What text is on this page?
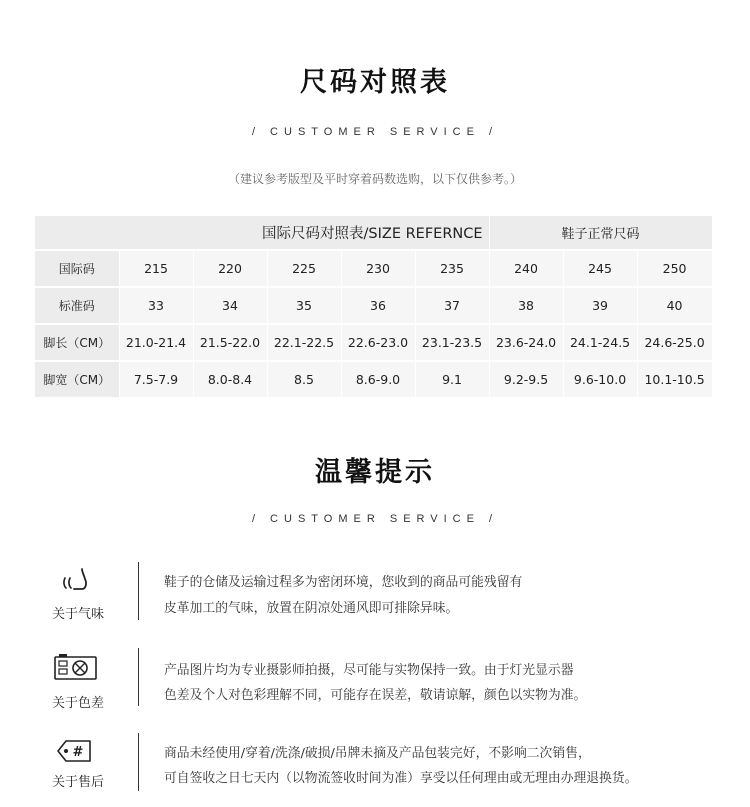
尺码对照表
/ CUSTOMER SERVICE /
（建议参考版型及平时穿着码数选购，以下仅供参考。）
国际尺码对照表/SIZE REFERNCE						鞋子正常尺码		
国际码	215	220	225	230	235	240	245	250
标准码	33	34	35	36	37	38	39	40
脚长（CM）	21.0-21.4	21.5-22.0	22.1-22.5	22.6-23.0	23.1-23.5	23.6-24.0	24.1-24.5	24.6-25.0
脚宽（CM）	7.5-7.9	8.0-8.4	8.5	8.6-9.0	9.1	9.2-9.5	9.6-10.0	10.1-10.5
温馨提示
/ CUSTOMER SERVICE /
关于气味
鞋子的仓储及运输过程多为密闭环境，您收到的商品可能残留有
皮革加工的气味，放置在阴凉处通风即可排除异味。
关于色差
产品图片均为专业摄影师拍摄，尽可能与实物保持一致。由于灯光显示器
色差及个人对色彩理解不同，可能存在误差，敬请谅解，颜色以实物为准。
#
关于售后
商品未经使用/穿着/洗涤/破损/吊牌未摘及产品包装完好，不影响二次销售，
可自签收之日七天内（以物流签收时间为准）享受以任何理由或无理由办理退换货。
